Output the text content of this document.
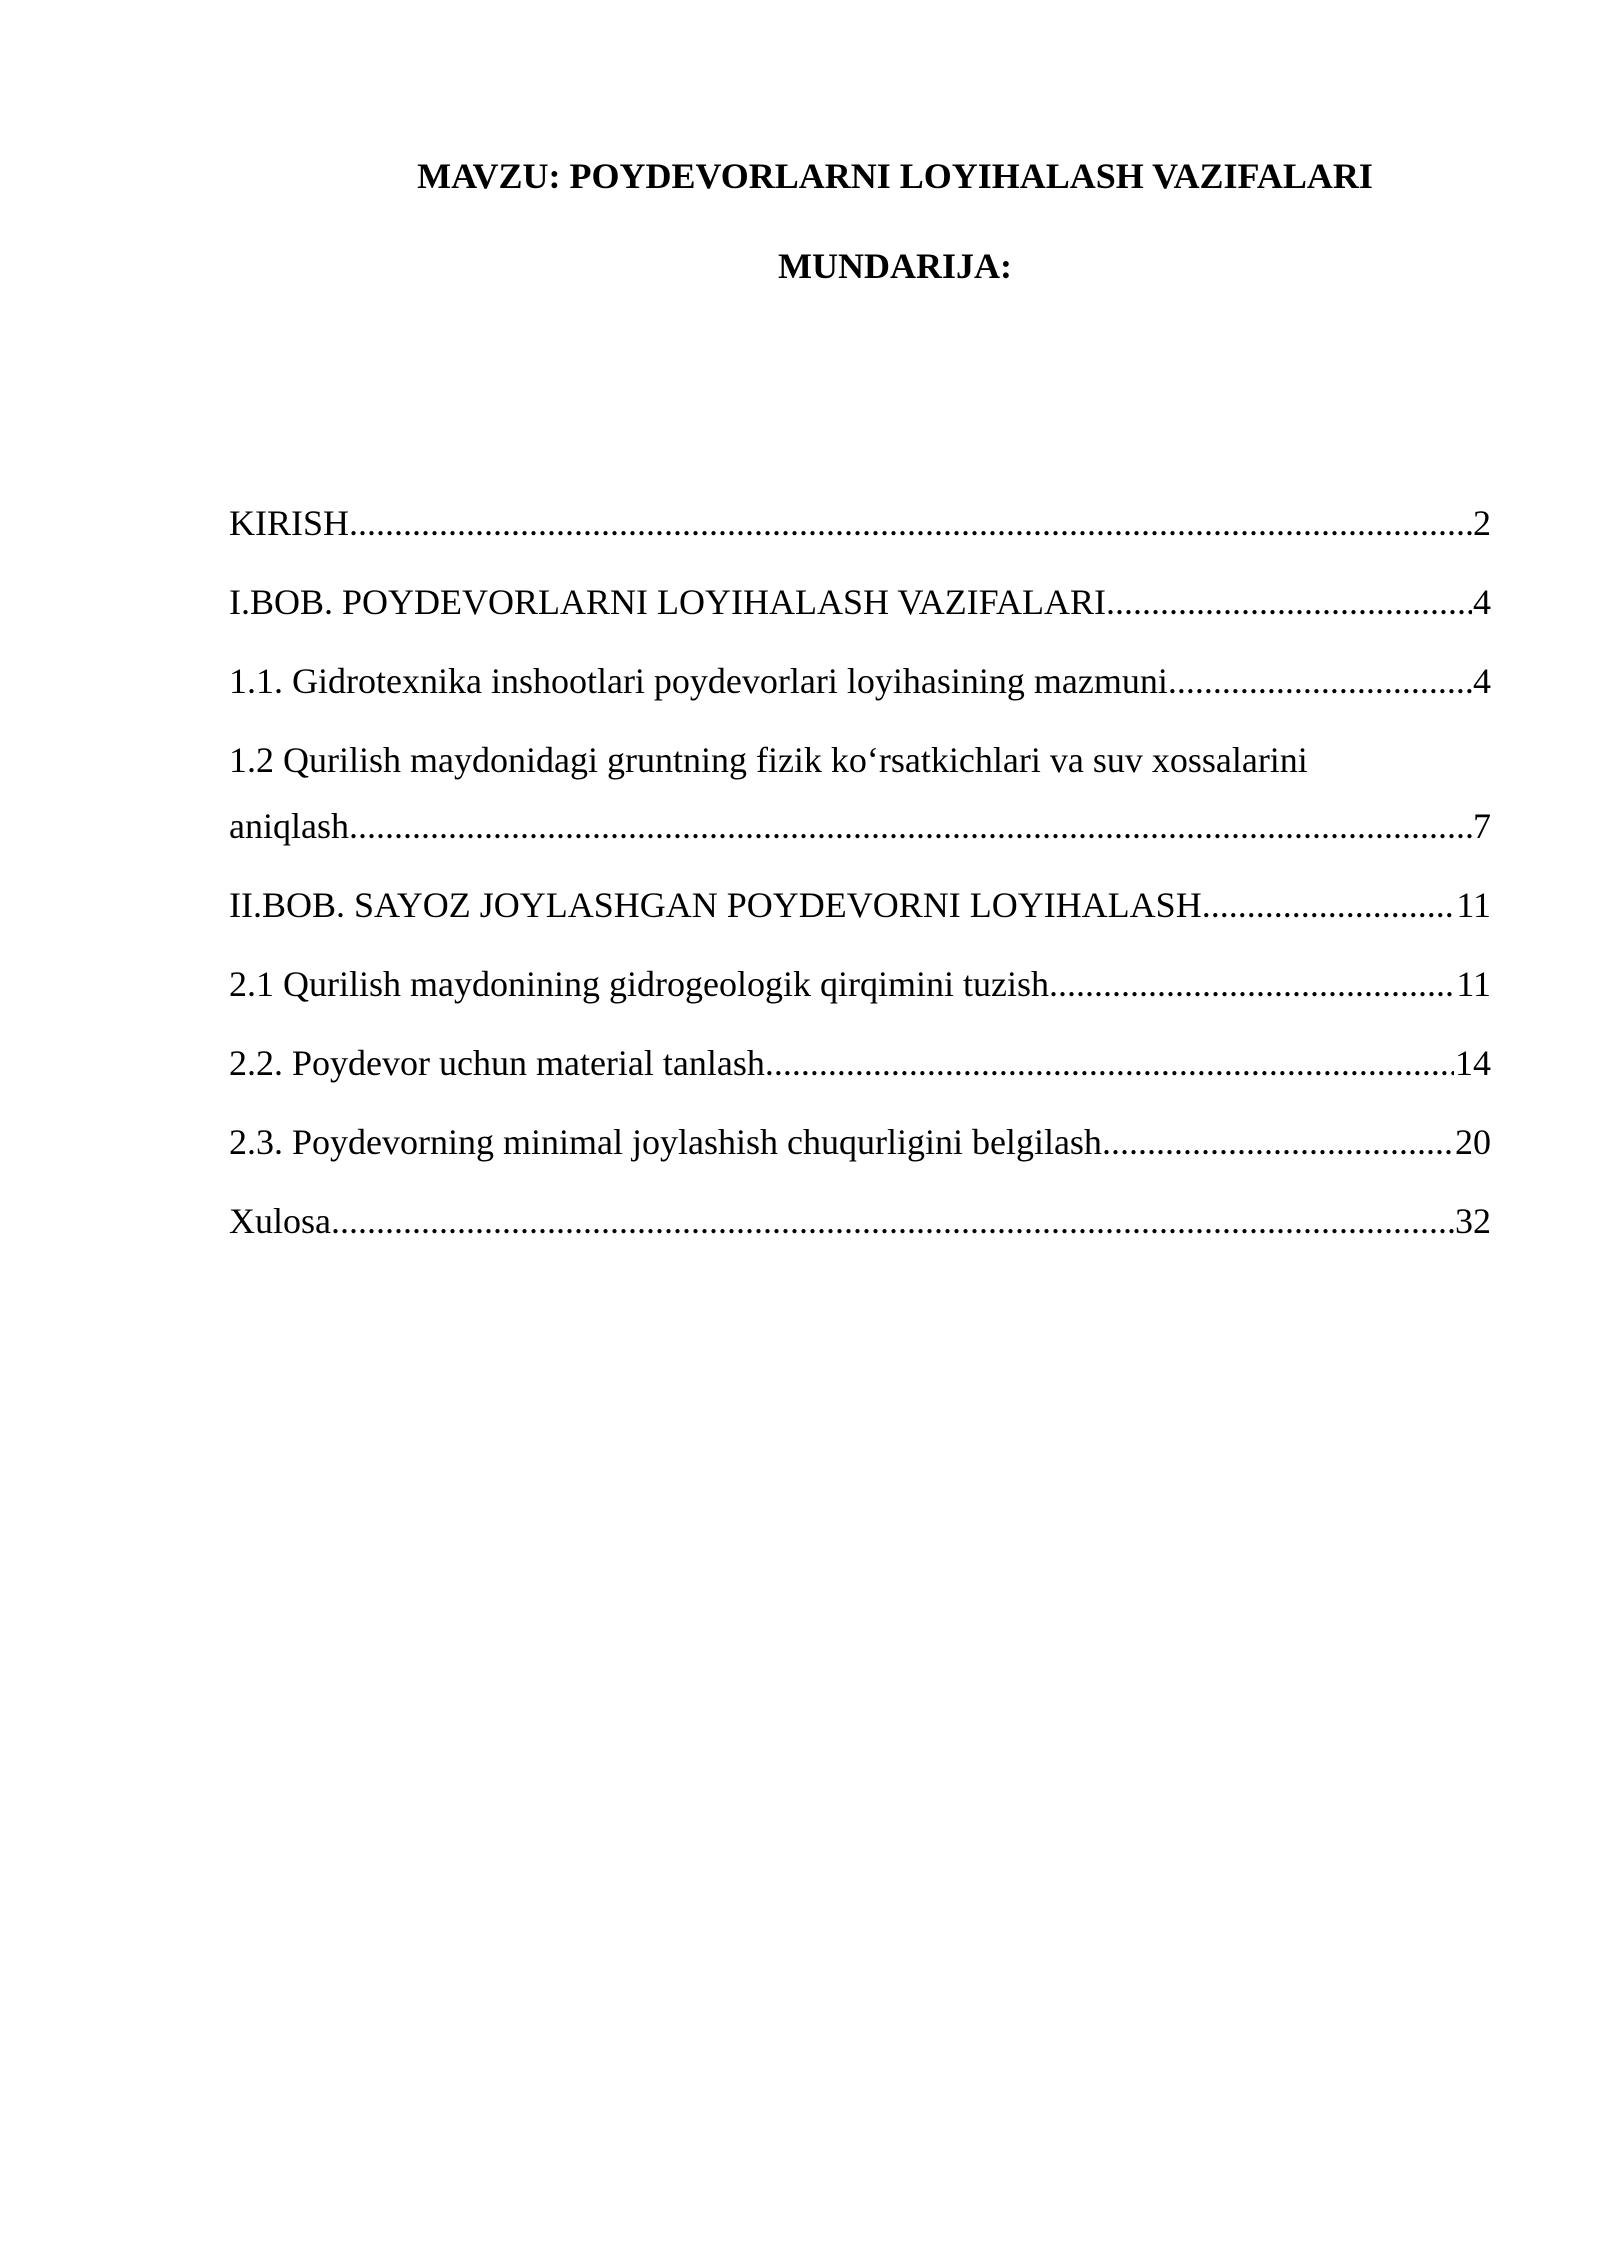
MAVZU: POYDEVORLARNI LOYIHALASH VAZIFALARI
MUNDARIJA:
KIRISH .....	2
I.BOB. POYDEVORLARNI LOYIHALASH VAZIFALARI .....	4
1.1. Gidrotexnika inshootlari poydevorlari loyihasining mazmuni .....	4
1.2 Qurilish maydonidagi gruntning fizik ko‘rsatkichlari va suv xossalarini
aniqlash .....	7
II.BOB. SAYOZ JOYLASHGAN POYDEVORNI LOYIHALASH .....	11
2.1 Qurilish maydonining gidrogeologik qirqimini tuzish .....	11
2.2. Poydevor uchun material tanlash .....	14
2.3. Poydevorning minimal joylashish chuqurligini belgilash .....	20
Xulosa .....	32
